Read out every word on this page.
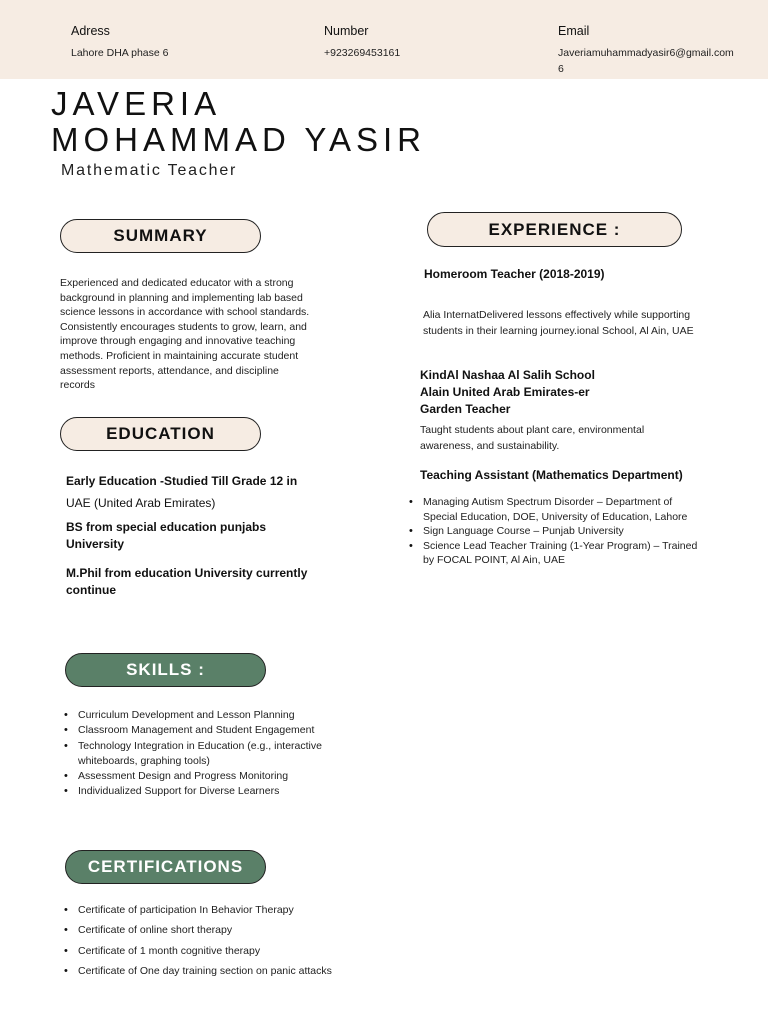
Adress
Lahore DHA phase 6
Number
+923269453161
Email
Javeriamuhammadyasir6@gmail.com6
JAVERIA
MOHAMMAD YASIR
Mathematic Teacher
SUMMARY
Experienced and dedicated educator with a strong background in planning and implementing lab based science lessons in accordance with school standards. Consistently encourages students to grow, learn, and improve through engaging and innovative teaching methods. Proficient in maintaining accurate student assessment reports, attendance, and discipline records
EDUCATION
Early Education -Studied Till Grade 12 in
UAE (United Arab Emirates)
BS from special education punjabs University
M.Phil from education University currently continue
EXPERIENCE :
Homeroom Teacher (2018-2019)
Alia InternatDelivered lessons effectively while supporting students in their learning journey.ional School, Al Ain, UAE
KindAl Nashaa Al Salih School Alain United Arab Emirates-er Garden Teacher
Taught students about plant care, environmental awareness, and sustainability.
Teaching Assistant (Mathematics Department)
• Managing Autism Spectrum Disorder – Department of Special Education, DOE, University of Education, Lahore
• Sign Language Course – Punjab University
• Science Lead Teacher Training (1-Year Program) – Trained by FOCAL POINT, Al Ain, UAE
SKILLS :
• Curriculum Development and Lesson Planning
• Classroom Management and Student Engagement
• Technology Integration in Education (e.g., interactive whiteboards, graphing tools)
• Assessment Design and Progress Monitoring
• Individualized Support for Diverse Learners
CERTIFICATIONS
• Certificate of participation In Behavior Therapy
• Certificate of online short therapy
• Certificate of 1 month cognitive therapy
• Certificate of One day training section on panic attacks
